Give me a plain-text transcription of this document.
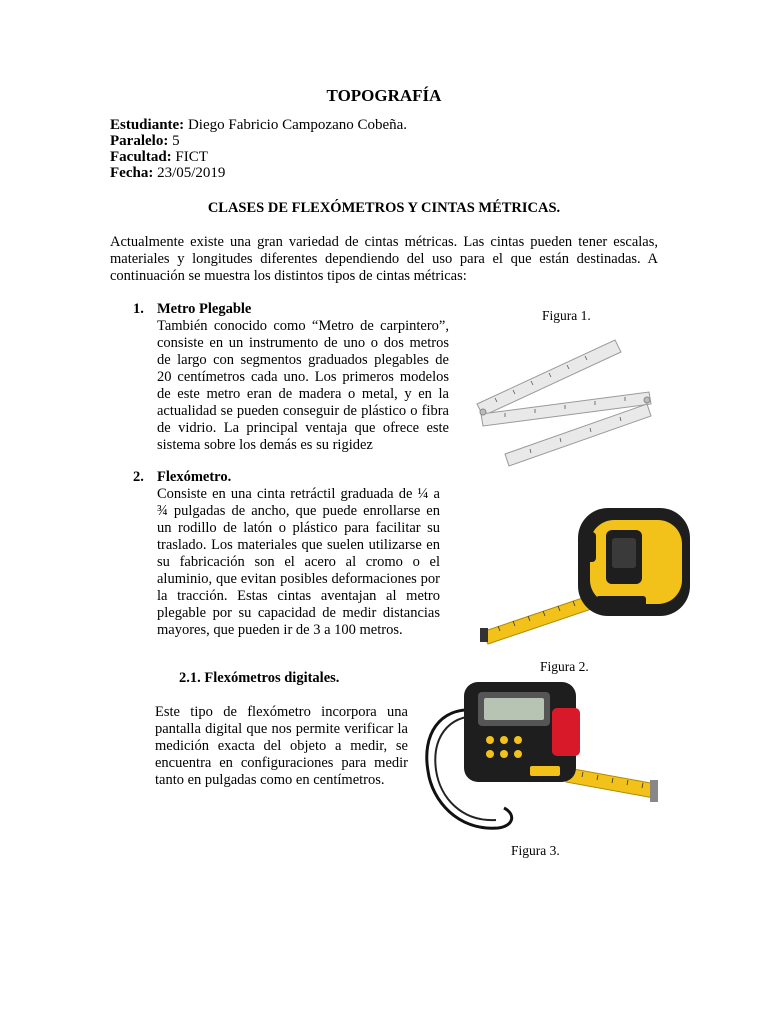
TOPOGRAFÍA
Estudiante: Diego Fabricio Campozano Cobeña.
Paralelo: 5
Facultad: FICT
Fecha: 23/05/2019
CLASES DE FLEXÓMETROS Y CINTAS MÉTRICAS.
Actualmente existe una gran variedad de cintas métricas. Las cintas pueden tener escalas, materiales y longitudes diferentes dependiendo del uso para el que están destinadas. A continuación se muestra los distintos tipos de cintas métricas:
1. Metro Plegable
También conocido como “Metro de carpintero”, consiste en un instrumento de uno o dos metros de largo con segmentos graduados plegables de 20 centímetros cada uno. Los primeros modelos de este metro eran de madera o metal, y en la actualidad se pueden conseguir de plástico o fibra de vidrio. La principal ventaja que ofrece este sistema sobre los demás es su rigidez
Figura 1.
2. Flexómetro.
Consiste en una cinta retráctil graduada de ¼ a ¾ pulgadas de ancho, que puede enrollarse en un rodillo de latón o plástico para facilitar su traslado. Los materiales que suelen utilizarse en su fabricación son el acero al cromo o el aluminio, que evitan posibles deformaciones por la tracción. Estas cintas aventajan al metro plegable por su capacidad de medir distancias mayores, que pueden ir de 3 a 100 metros.
Figura 2.
2.1. Flexómetros digitales.
Este tipo de flexómetro incorpora una pantalla digital que nos permite verificar la medición exacta del objeto a medir, se encuentra en configuraciones para medir tanto en pulgadas como en centímetros.
Figura 3.
